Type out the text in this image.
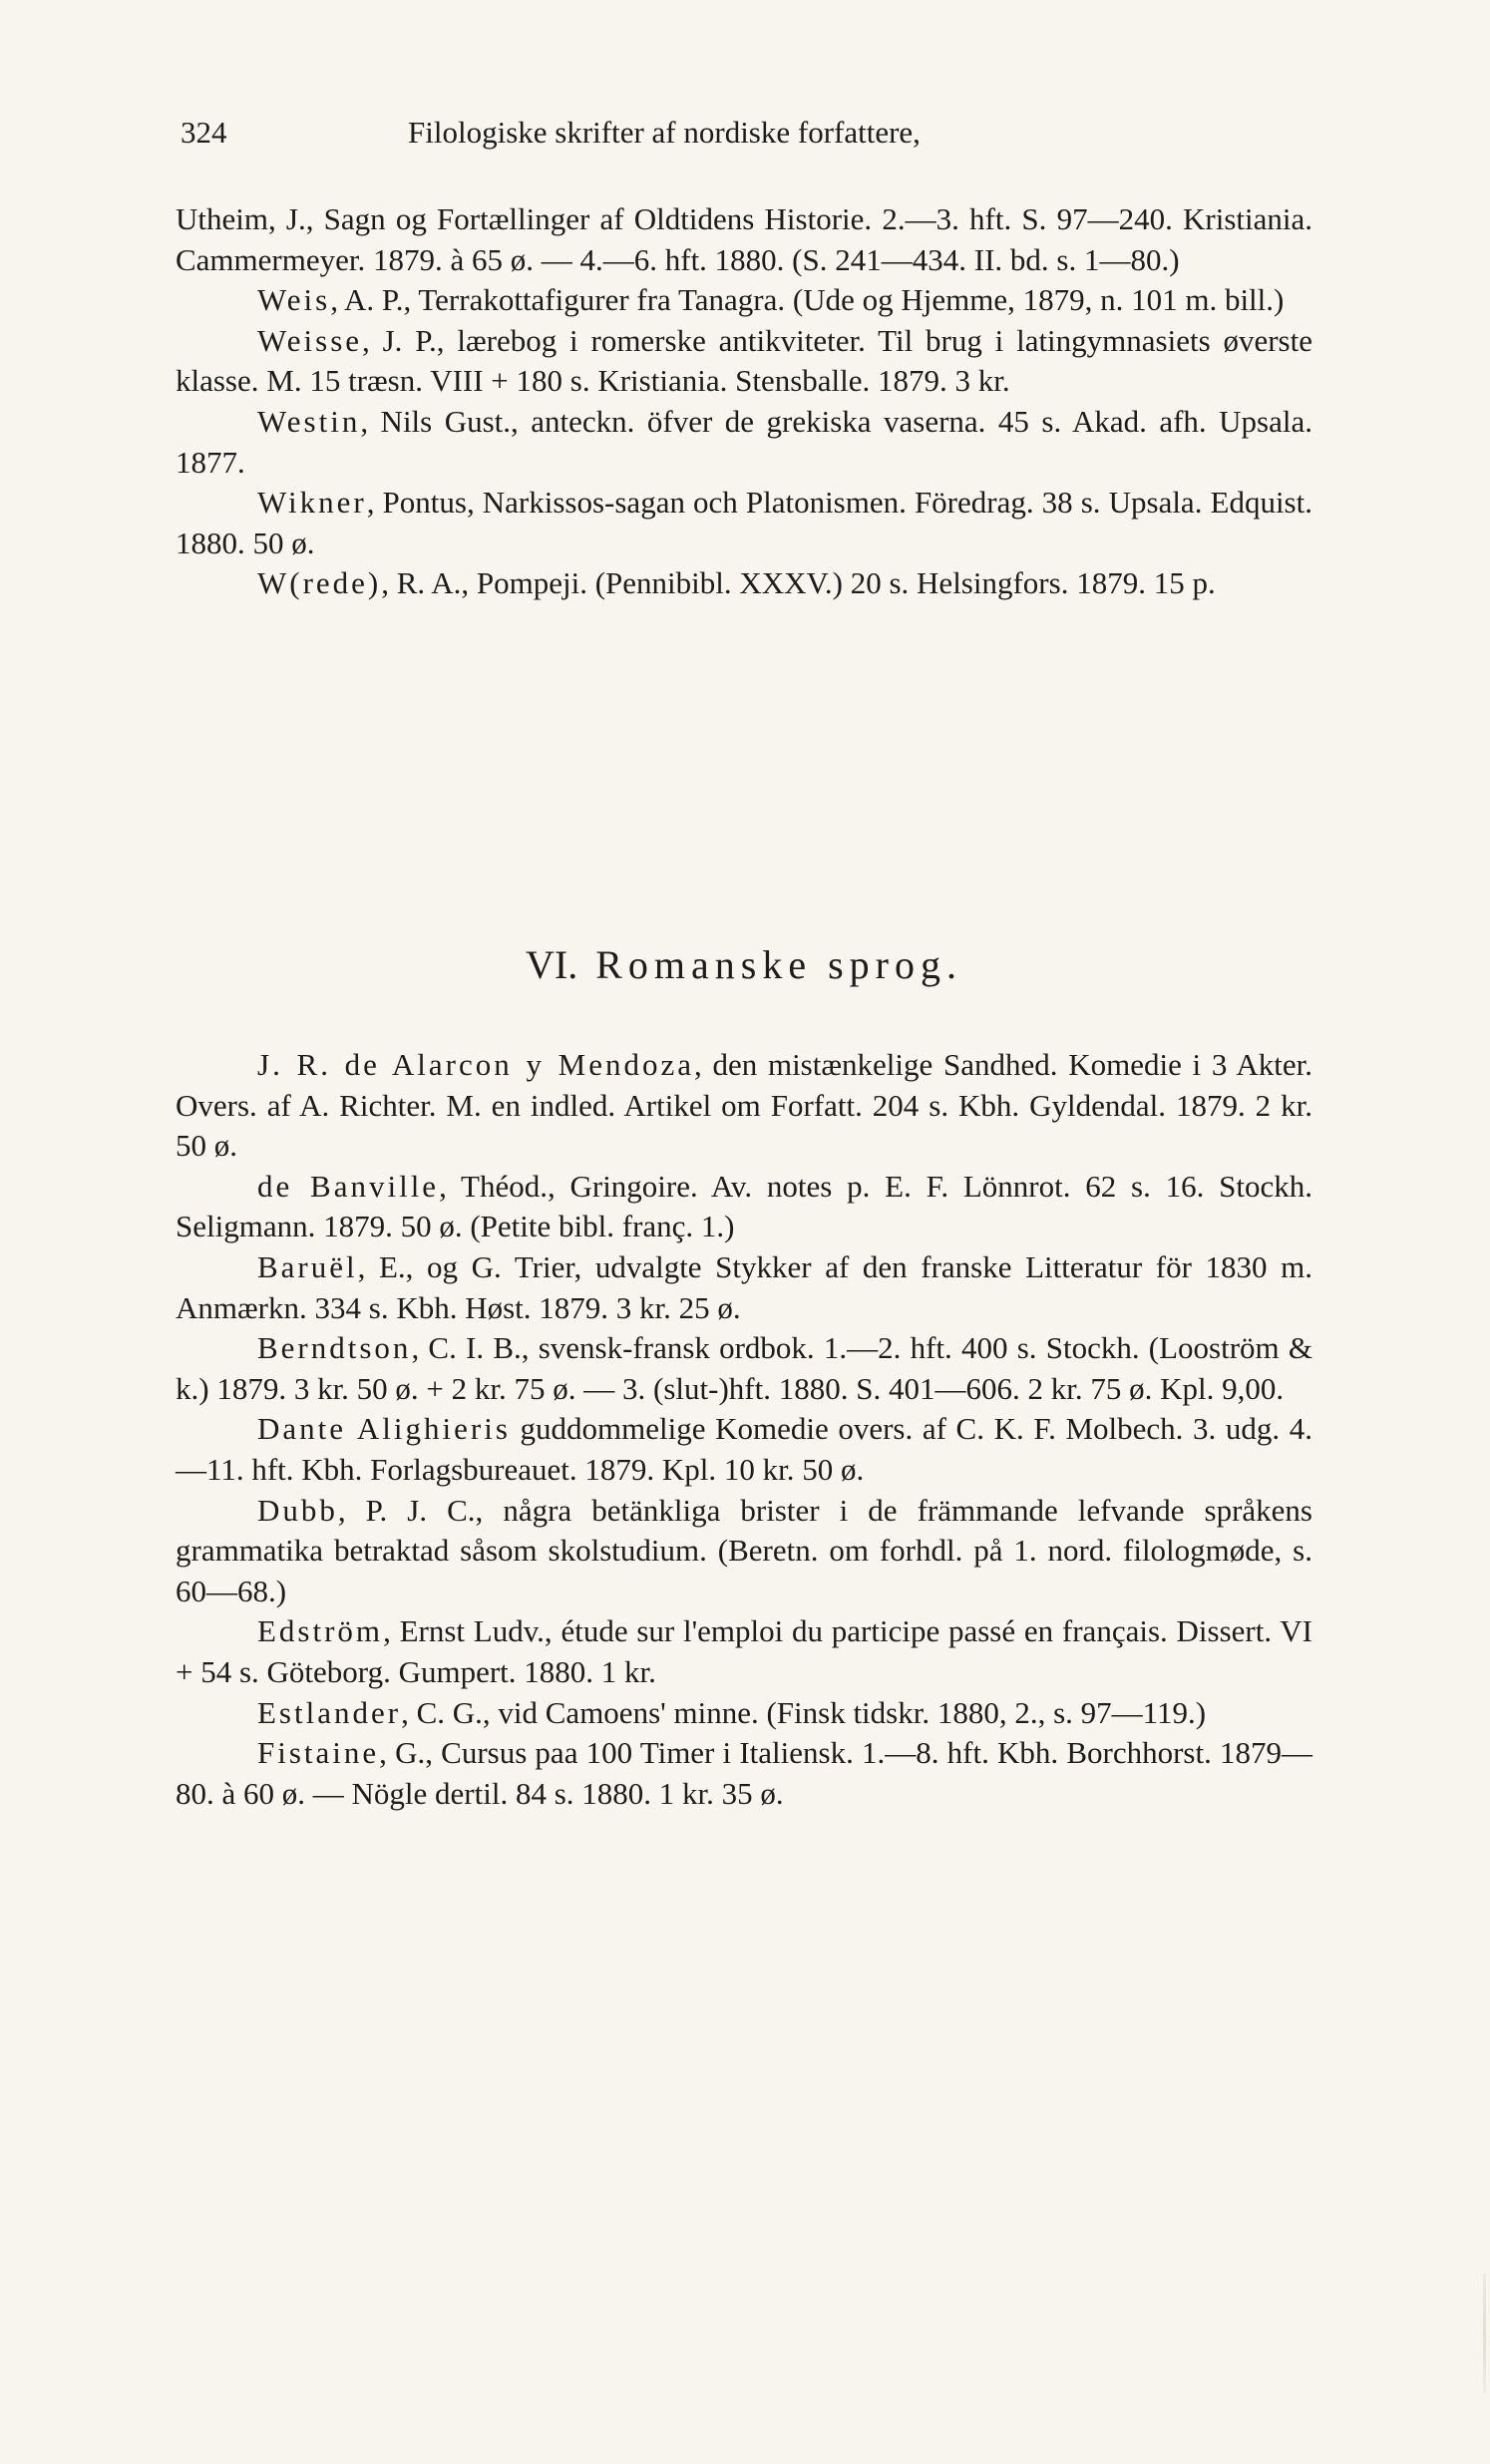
324	Filologiske skrifter af nordiske forfattere,

Utheim, J., Sagn og Fortællinger af Oldtidens Historie. 2.—3. hft. S. 97—240. Kristiania. Cammermeyer. 1879. à 65 ø. — 4.—6. hft. 1880. (S. 241—434. II. bd. s. 1—80.)

Weis, A. P., Terrakottafigurer fra Tanagra. (Ude og Hjemme, 1879, n. 101 m. bill.)

Weisse, J. P., lærebog i romerske antikviteter. Til brug i latingymnasiets øverste klasse. M. 15 træsn. VIII + 180 s. Kristiania. Stensballe. 1879. 3 kr.

Westin, Nils Gust., anteckn. öfver de grekiska vaserna. 45 s. Akad. afh. Upsala. 1877.

Wikner, Pontus, Narkissos-sagan och Platonismen. Föredrag. 38 s. Upsala. Edquist. 1880. 50 ø.

W(rede), R. A., Pompeji. (Pennibibl. XXXV.) 20 s. Helsingfors. 1879. 15 p.

VI. Romanske sprog.

J. R. de Alarcon y Mendoza, den mistænkelige Sandhed. Komedie i 3 Akter. Overs. af A. Richter. M. en indled. Artikel om Forfatt. 204 s. Kbh. Gyldendal. 1879. 2 kr. 50 ø.

de Banville, Théod., Gringoire. Av. notes p. E. F. Lönnrot. 62 s. 16. Stockh. Seligmann. 1879. 50 ø. (Petite bibl. franç. 1.)

Baruël, E., og G. Trier, udvalgte Stykker af den franske Litteratur för 1830 m. Anmærkn. 334 s. Kbh. Høst. 1879. 3 kr. 25 ø.

Berndtson, C. I. B., svensk-fransk ordbok. 1.—2. hft. 400 s. Stockh. (Looström & k.) 1879. 3 kr. 50 ø. + 2 kr. 75 ø. — 3. (slut-)hft. 1880. S. 401—606. 2 kr. 75 ø. Kpl. 9,00.

Dante Alighieris guddommelige Komedie overs. af C. K. F. Molbech. 3. udg. 4.—11. hft. Kbh. Forlagsbureauet. 1879. Kpl. 10 kr. 50 ø.

Dubb, P. J. C., några betänkliga brister i de främmande lefvande språkens grammatika betraktad såsom skolstudium. (Beretn. om forhdl. på 1. nord. filologmøde, s. 60—68.)

Edström, Ernst Ludv., étude sur l'emploi du participe passé en français. Dissert. VI + 54 s. Göteborg. Gumpert. 1880. 1 kr.

Estlander, C. G., vid Camoens' minne. (Finsk tidskr. 1880, 2., s. 97—119.)

Fistaine, G., Cursus paa 100 Timer i Italiensk. 1.—8. hft. Kbh. Borchhorst. 1879—80. à 60 ø. — Nögle dertil. 84 s. 1880. 1 kr. 35 ø.
